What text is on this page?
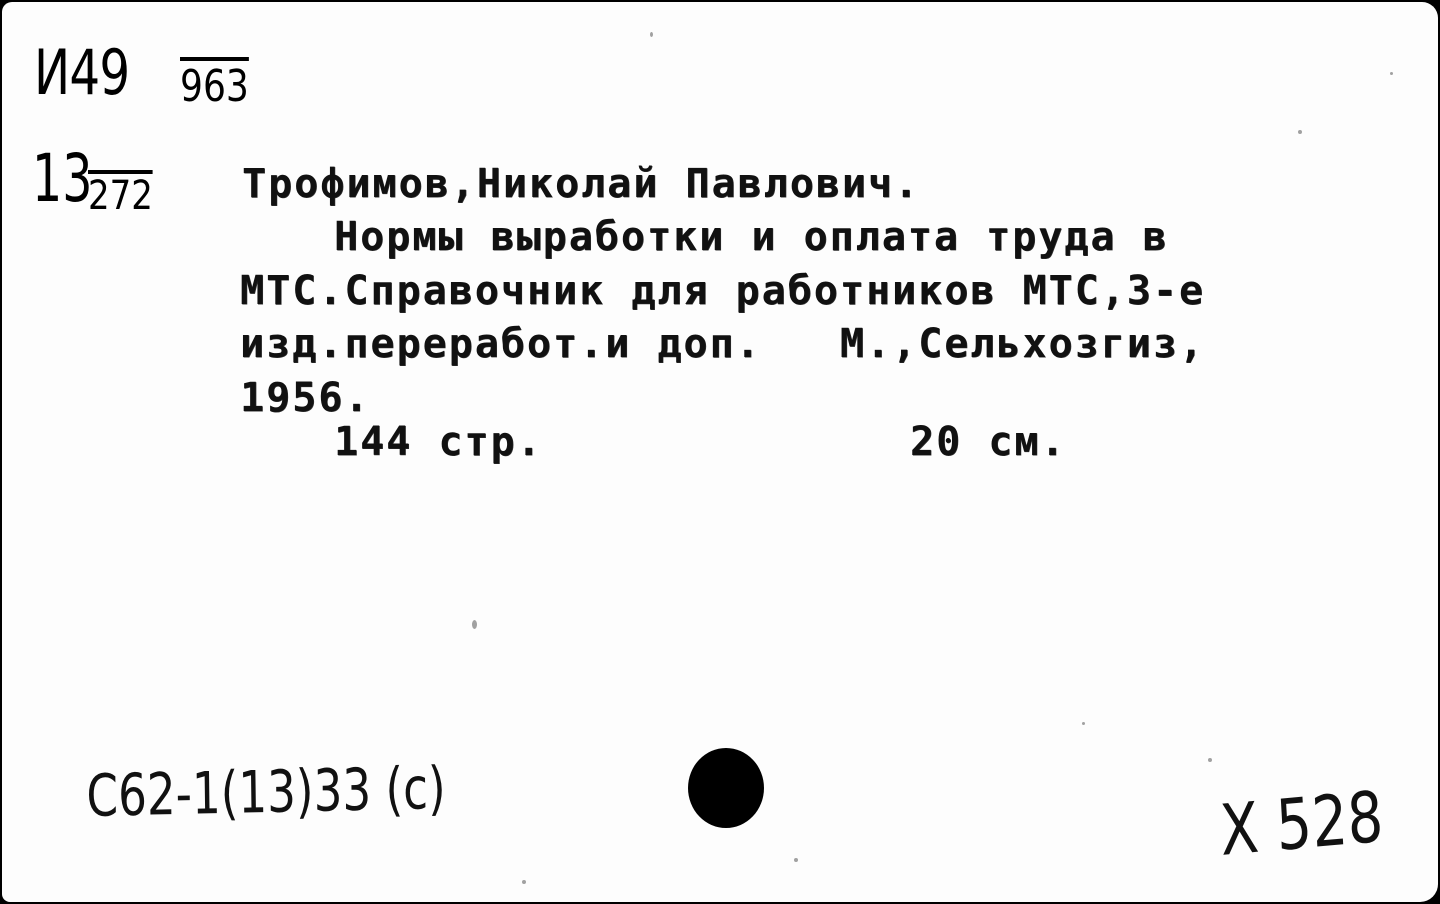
И49 963
13
272 Трофимов,Николай Павлович.
Нормы выработки и оплата труда в
МТС.Справочник для работников МТС,3-е
изд.переработ.и доп.   М.,Сельхозгиз,
1956.
144 стр.	20 см.
C62-1(13)33 (c)	X 528
